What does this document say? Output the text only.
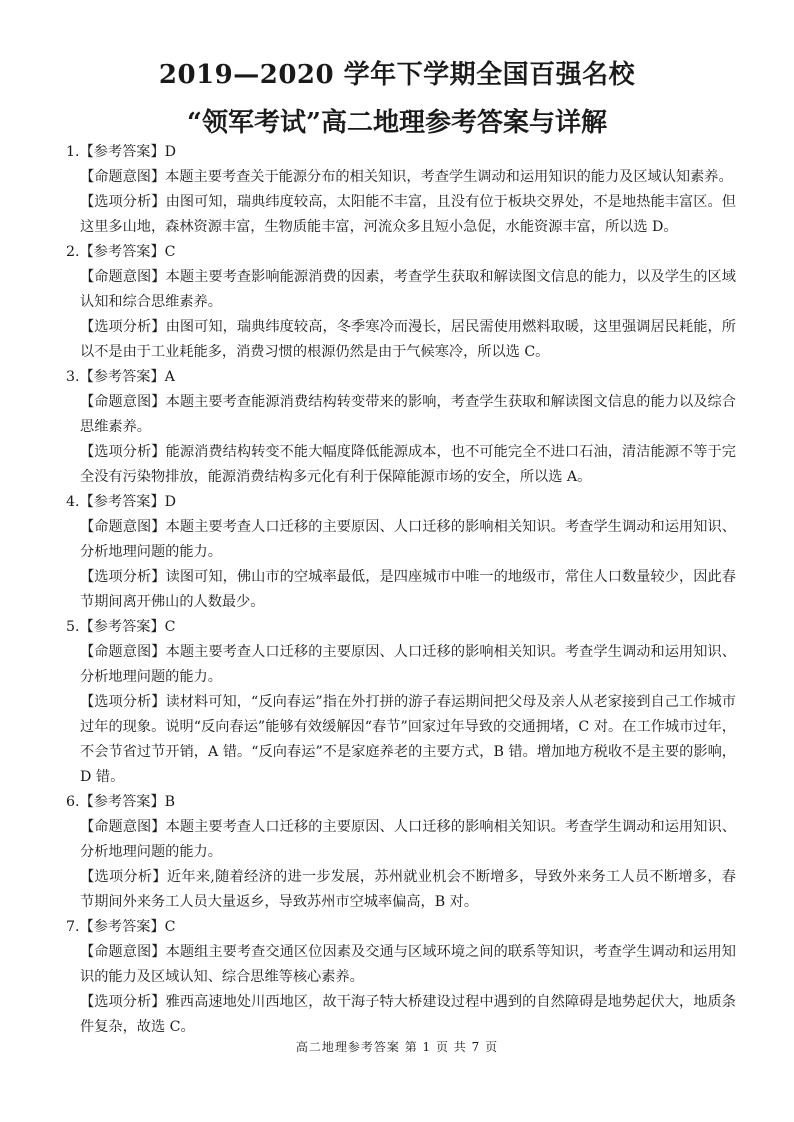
2019—2020 学年下学期全国百强名校
“领军考试”高二地理参考答案与详解
1.【参考答案】D
【命题意图】本题主要考查关于能源分布的相关知识，考查学生调动和运用知识的能力及区域认知素养。
【选项分析】由图可知，瑞典纬度较高，太阳能不丰富，且没有位于板块交界处，不是地热能丰富区。但这里多山地，森林资源丰富，生物质能丰富，河流众多且短小急促，水能资源丰富，所以选 D。
2.【参考答案】C
【命题意图】本题主要考查影响能源消费的因素，考查学生获取和解读图文信息的能力，以及学生的区域认知和综合思维素养。
【选项分析】由图可知，瑞典纬度较高，冬季寒冷而漫长，居民需使用燃料取暖，这里强调居民耗能，所以不是由于工业耗能多，消费习惯的根源仍然是由于气候寒冷，所以选 C。
3.【参考答案】A
【命题意图】本题主要考查能源消费结构转变带来的影响，考查学生获取和解读图文信息的能力以及综合思维素养。
【选项分析】能源消费结构转变不能大幅度降低能源成本，也不可能完全不进口石油，清洁能源不等于完全没有污染物排放，能源消费结构多元化有利于保障能源市场的安全，所以选 A。
4.【参考答案】D
【命题意图】本题主要考查人口迁移的主要原因、人口迁移的影响相关知识。考查学生调动和运用知识、分析地理问题的能力。
【选项分析】读图可知，佛山市的空城率最低，是四座城市中唯一的地级市，常住人口数量较少，因此春节期间离开佛山的人数最少。
5.【参考答案】C
【命题意图】本题主要考查人口迁移的主要原因、人口迁移的影响相关知识。考查学生调动和运用知识、分析地理问题的能力。
【选项分析】读材料可知，“反向春运”指在外打拼的游子春运期间把父母及亲人从老家接到自己工作城市过年的现象。说明“反向春运”能够有效缓解因“春节”回家过年导致的交通拥堵，C 对。在工作城市过年，不会节省过节开销，A 错。“反向春运”不是家庭养老的主要方式，B 错。增加地方税收不是主要的影响，D 错。
6.【参考答案】B
【命题意图】本题主要考查人口迁移的主要原因、人口迁移的影响相关知识。考查学生调动和运用知识、分析地理问题的能力。
【选项分析】近年来,随着经济的进一步发展，苏州就业机会不断增多，导致外来务工人员不断增多，春节期间外来务工人员大量返乡，导致苏州市空城率偏高，B 对。
7.【参考答案】C
【命题意图】本题组主要考查交通区位因素及交通与区域环境之间的联系等知识，考查学生调动和运用知识的能力及区域认知、综合思维等核心素养。
【选项分析】雅西高速地处川西地区，故干海子特大桥建设过程中遇到的自然障碍是地势起伏大，地质条件复杂，故选 C。
高二地理参考答案 第 1 页 共 7 页
